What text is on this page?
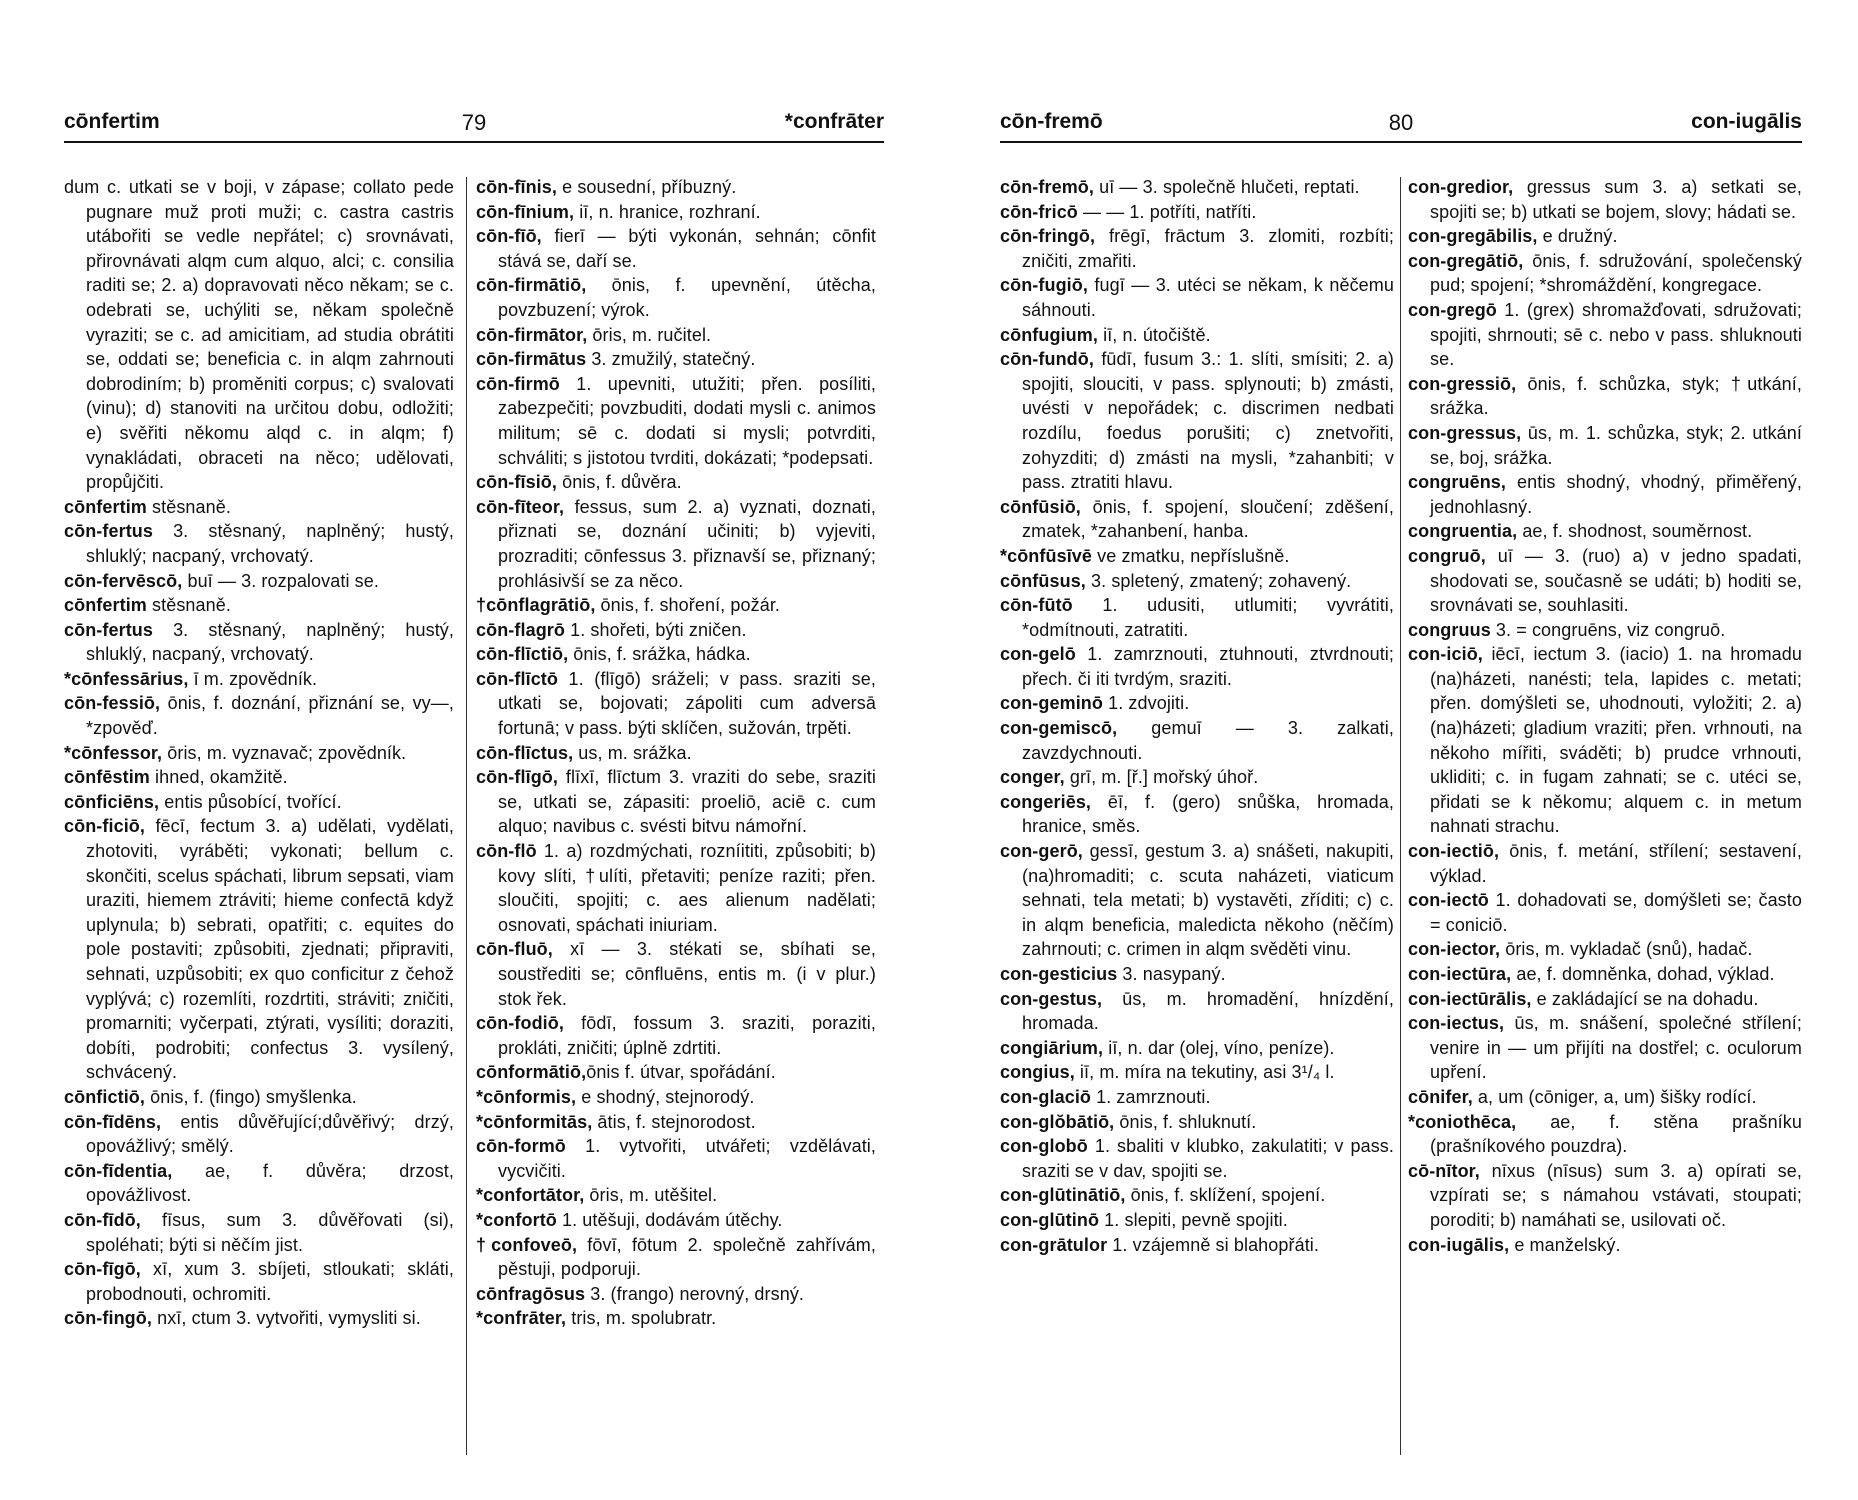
cōnfertim	79	*confrāter

dum c. utkati se v boji, v zápase; collato pede pugnare muž proti muži; c. castra castris utábořiti se vedle nepřátel; c) srovnávati, přirovnávati alqm cum alquo, alci; c. consilia raditi se; 2. a) dopravovati něco někam; se c. odebrati se, uchýliti se, někam společně vyraziti; se c. ad amicitiam, ad studia obrátiti se, oddati se; beneficia c. in alqm zahrnouti dobrodiním; b) proměniti corpus; c) svalovati (vinu); d) stanoviti na určitou dobu, odložiti; e) svěřiti někomu alqd c. in alqm; f) vynakládati, obraceti na něco; udělovati, propůjčiti.

cōnfertim stěsnaně.

cōn-fertus 3. stěsnaný, naplněný; hustý, shluklý; nacpaný, vrchovatý.

cōn-fervēscō, buī — 3. rozpalovati se.

cōnfertim stěsnaně.

cōn-fertus 3. stěsnaný, naplněný; hustý, shluklý, nacpaný, vrchovatý.

*cōnfessārius, ī m. zpovědník.

cōn-fessiō, ōnis, f. doznání, přiznání se, vy—, *zpověď.

*cōnfessor, ōris, m. vyznavač; zpovědník.

cōnfēstim ihned, okamžitě.

cōnficiēns, entis působící, tvořící.

cōn-ficiō, fēcī, fectum 3. a) udělati, vydělati, zhotoviti, vyráběti; vykonati; bellum c. skončiti, scelus spáchati, librum sepsati, viam uraziti, hiemem ztráviti; hieme confectā když uplynula; b) sebrati, opatřiti; c. equites do pole postaviti; způsobiti, zjednati; připraviti, sehnati, uzpůsobiti; ex quo conficitur z čehož vyplývá; c) rozemlíti, rozdrtiti, stráviti; zničiti, promarniti; vyčerpati, ztýrati, vysíliti; doraziti, dobíti, podrobiti; confectus 3. vysílený, schvácený.

cōnfictiō, ōnis, f. (fingo) smyšlenka.

cōn-fīdēns, entis důvěřující;důvěřivý; drzý, opovážlivý; smělý.

cōn-fīdentia, ae, f. důvěra; drzost, opovážlivost.

cōn-fīdō, fīsus, sum 3. důvěřovati (si), spoléhati; býti si něčím jist.

cōn-fīgō, xī, xum 3. sbíjeti, stloukati; skláti, probodnouti, ochromiti.

cōn-fingō, nxī, ctum 3. vytvořiti, vymysliti si.

cōn-fīnis, e sousední, příbuzný.

cōn-fīnium, iī, n. hranice, rozhraní.

cōn-fīō, fierī — býti vykonán, sehnán; cōnfit stává se, daří se.

cōn-firmātiō, ōnis, f. upevnění, útěcha, povzbuzení; výrok.

cōn-firmātor, ōris, m. ručitel.

cōn-firmātus 3. zmužilý, statečný.

cōn-firmō 1. upevniti, utužiti; přen. posíliti, zabezpečiti; povzbuditi, dodati mysli c. animos militum; sē c. dodati si mysli; potvrditi, schváliti; s jistotou tvrditi, dokázati; *podepsati.

cōn-fīsiō, ōnis, f. důvěra.

cōn-fīteor, fessus, sum 2. a) vyznati, doznati, přiznati se, doznání učiniti; b) vyjeviti, prozraditi; cōnfessus 3. přiznavší se, přiznaný; prohlásivší se za něco.

†cōnflagrātiō, ōnis, f. shoření, požár.

cōn-flagrō 1. shořeti, býti zničen.

cōn-flīctiō, ōnis, f. srážka, hádka.

cōn-flīctō 1. (flīgō) sráželi; v pass. sraziti se, utkati se, bojovati; zápoliti cum adversā fortunā; v pass. býti sklíčen, sužován, trpěti.

cōn-flīctus, us, m. srážka.

cōn-flīgō, flīxī, flīctum 3. vraziti do sebe, sraziti se, utkati se, zápasiti: proeliō, aciē c. cum alquo; navibus c. svésti bitvu námořní.

cōn-flō 1. a) rozdmýchati, rozníititi, způsobiti; b) kovy slíti, †ulíti, přetaviti; peníze raziti; přen. sloučiti, spojiti; c. aes alienum nadělati; osnovati, spáchati iniuriam.

cōn-fluō, xī — 3. stékati se, sbíhati se, soustřediti se; cōnfluēns, entis m. (i v plur.) stok řek.

cōn-fodiō, fōdī, fossum 3. sraziti, poraziti, prokláti, zničiti; úplně zdrtiti.

cōnformātiō,ōnis f. útvar, spořádání.

*cōnformis, e shodný, stejnorodý.

*cōnformitās, ātis, f. stejnorodost.

cōn-formō 1. vytvořiti, utvářeti; vzdělávati, vycvičiti.

*confortātor, ōris, m. utěšitel.

*confortō 1. utěšuji, dodávám útěchy.

†confoveō, fōvī, fōtum 2. společně zahřívám, pěstuji, podporuji.

cōnfragōsus 3. (frango) nerovný, drsný.

*confrāter, tris, m. spolubratr.

cōn-fremō	80	con-iugālis

cōn-fremō, uī — 3. společně hlučeti, reptati.

cōn-fricō — — 1. potříti, natříti.

cōn-fringō, frēgī, frāctum 3. zlomiti, rozbíti; zničiti, zmařiti.

cōn-fugiō, fugī — 3. utéci se někam, k něčemu sáhnouti.

cōnfugium, iī, n. útočiště.

cōn-fundō, fūdī, fusum 3.: 1. slíti, smísiti; 2. a) spojiti, slouciti, v pass. splynouti; b) zmásti, uvésti v nepořádek; c. discrimen nedbati rozdílu, foedus porušiti; c) znetvořiti, zohyzditi; d) zmásti na mysli, *zahanbiti; v pass. ztratiti hlavu.

cōnfūsiō, ōnis, f. spojení, sloučení; zděšení, zmatek, *zahanbení, hanba.

*cōnfūsīvē ve zmatku, nepříslušně.

cōnfūsus, 3. spletený, zmatený; zohavený.

cōn-fūtō 1. udusiti, utlumiti; vyvrátiti, *odmítnouti, zatratiti.

con-gelō 1. zamrznouti, ztuhnouti, ztvrdnouti; přech. či iti tvrdým, sraziti.

con-geminō 1. zdvojiti.

con-gemiscō, gemuī — 3. zalkati, zavzdychnouti.

conger, grī, m. [ř.] mořský úhoř.

congeriēs, ēī, f. (gero) snůška, hromada, hranice, směs.

con-gerō, gessī, gestum 3. a) snášeti, nakupiti, (na)hromaditi; c. scuta naházeti, viaticum sehnati, tela metati; b) vystavěti, zříditi; c) c. in alqm beneficia, maledicta někoho (něčím) zahrnouti; c. crimen in alqm svěděti vinu.

con-gesticius 3. nasypaný.

con-gestus, ūs, m. hromadění, hnízdění, hromada.

congiārium, iī, n. dar (olej, víno, peníze).

congius, iī, m. míra na tekutiny, asi 3¹/₄ l.

con-glaciō 1. zamrznouti.

con-glŏbātiō, ōnis, f. shluknutí.

con-globō 1. sbaliti v klubko, zakulatiti; v pass. sraziti se v dav, spojiti se.

con-glūtinātiō, ōnis, f. sklížení, spojení.

con-glūtinō 1. slepiti, pevně spojiti.

con-grātulor 1. vzájemně si blahopřáti.

con-gredior, gressus sum 3. a) setkati se, spojiti se; b) utkati se bojem, slovy; hádati se.

con-gregābilis, e družný.

con-gregātiō, ōnis, f. sdružování, společenský pud; spojení; *shromáždění, kongregace.

con-gregō 1. (grex) shromažďovati, sdružovati; spojiti, shrnouti; sē c. nebo v pass. shluknouti se.

con-gressiō, ōnis, f. schůzka, styk; †utkání, srážka.

con-gressus, ūs, m. 1. schůzka, styk; 2. utkání se, boj, srážka.

congruēns, entis shodný, vhodný, přiměřený, jednohlasný.

congruentia, ae, f. shodnost, souměrnost.

congruō, uī — 3. (ruo) a) v jedno spadati, shodovati se, současně se udáti; b) hoditi se, srovnávati se, souhlasiti.

congruus 3. = congruēns, viz congruō.

con-iciō, iēcī, iectum 3. (iacio) 1. na hromadu (na)házeti, nanésti; tela, lapides c. metati; přen. domýšleti se, uhodnouti, vyložiti; 2. a) (na)házeti; gladium vraziti; přen. vrhnouti, na někoho mířiti, sváděti; b) prudce vrhnouti, ukliditi; c. in fugam zahnati; se c. utéci se, přidati se k někomu; alquem c. in metum nahnati strachu.

con-iectiō, ōnis, f. metání, střílení; sestavení, výklad.

con-iectō 1. dohadovati se, domýšleti se; často = coniciō.

con-iector, ōris, m. vykladač (snů), hadač.

con-iectūra, ae, f. domněnka, dohad, výklad.

con-iectūrālis, e zakládající se na dohadu.

con-iectus, ūs, m. snášení, společné střílení; venire in — um přijíti na dostřel; c. oculorum upření.

cōnifer, a, um (cōniger, a, um) šišky rodící.

*coniothēca, ae, f. stěna prašníku (prašníkového pouzdra).

cō-nītor, nīxus (nīsus) sum 3. a) opírati se, vzpírati se; s námahou vstávati, stoupati; poroditi; b) namáhati se, usilovati oč.

con-iugālis, e manželský.
